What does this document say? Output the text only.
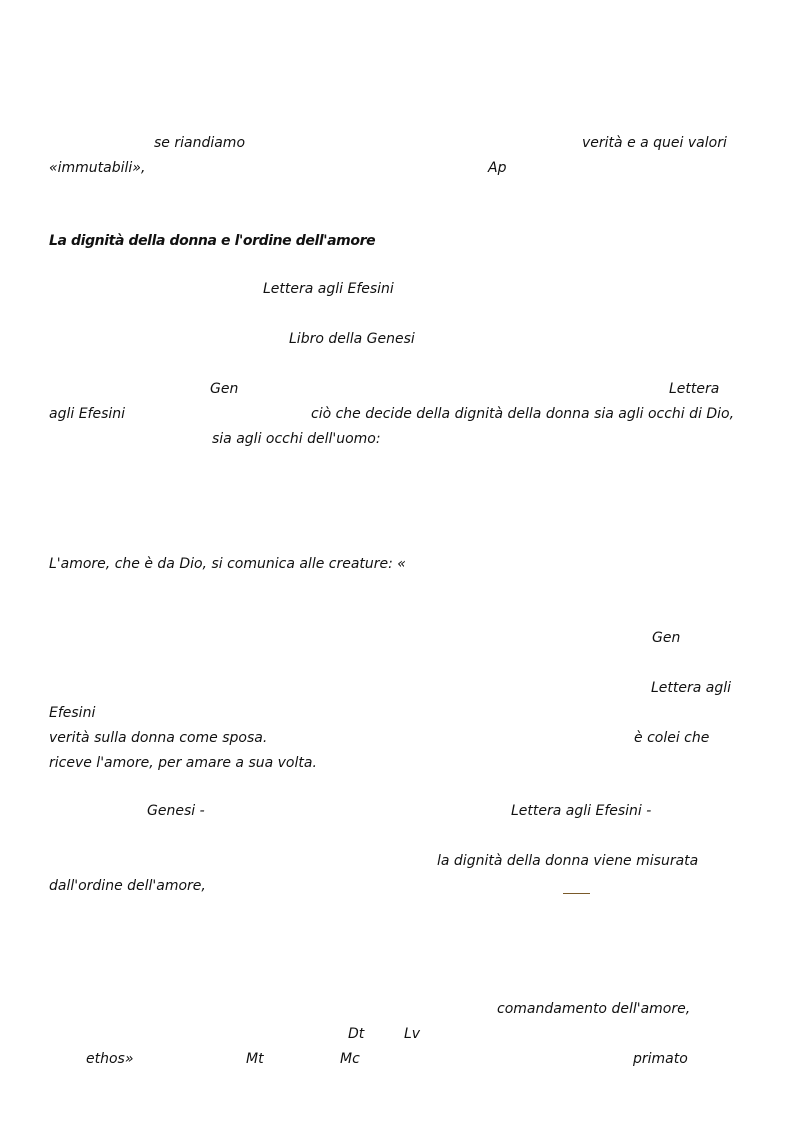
se riandiamo	verità e a quei valori
«immutabili»,	Ap
La dignità della donna e l'ordine dell'amore
Lettera agli Efesini
Libro della Genesi
Gen	Lettera
agli Efesini	ciò che decide della dignità della donna sia agli occhi di Dio,
sia agli occhi dell'uomo:
L'amore, che è da Dio, si comunica alle creature: «
Gen
Lettera agli
Efesini
verità sulla donna come sposa.	è colei che
riceve l'amore, per amare a sua volta.
Genesi -	Lettera agli Efesini -
la dignità della donna viene misurata
dall'ordine dell'amore,
comandamento dell'amore,
Dt	Lv
ethos»	Mt	Mc	primato
